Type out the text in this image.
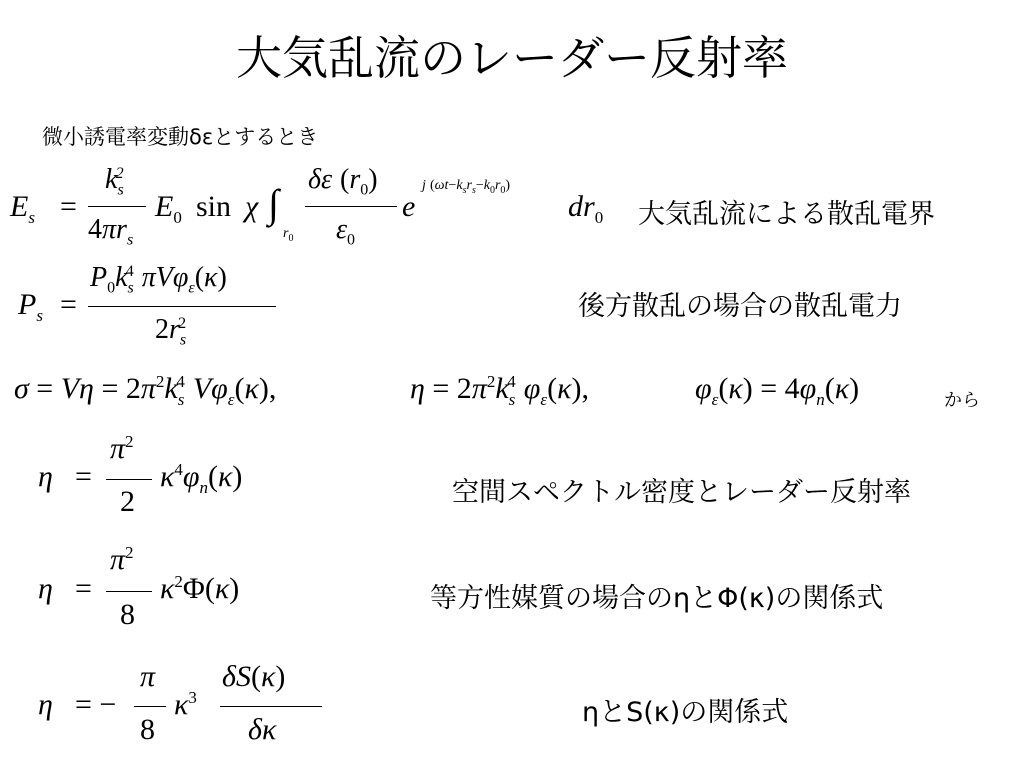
大気乱流のレーダー反射率
微小誘電率変動δεとするとき
$E_s$ =
$k_s^2$
$4\pi r_s$
$E_0$ sin χ ∫
$r_0$
δε $(r_0)$
$\varepsilon_0$
e
j $(\omega t-k_sr_s-k_0r_0)$
$dr_0$ 大気乱流による散乱電界
$P_s$ =
$P_0k_s^4$ πVφ$_\varepsilon$(κ)
$2r_s^2$
後方散乱の場合の散乱電力
$\sigma = V\eta = 2\pi^2k_s^4$ $V\varphi_\varepsilon(\kappa)$,	$\eta = 2\pi^2k_s^4$ $\varphi_\varepsilon(\kappa)$,	$\varphi_\varepsilon(\kappa) = 4\varphi_n(\kappa)$	から
η =
$\pi^2$
2
$\kappa^4\varphi_n(\kappa)$	空間スペクトル密度とレーダー反射率
η =
$\pi^2$
8
$\kappa^2\Phi(\kappa)$	等方性媒質の場合のηとΦ(κ)の関係式
η = −
π
8
$\kappa^3$
δS(κ)
δκ
ηとS(κ)の関係式
